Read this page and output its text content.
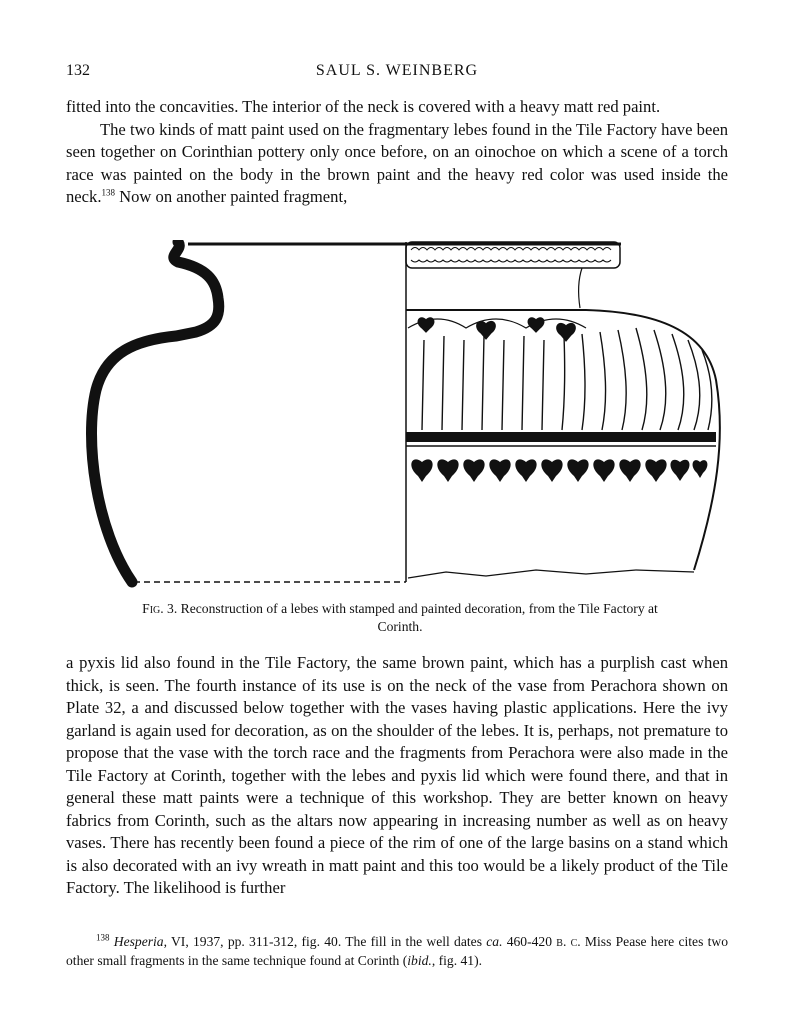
132	SAUL S. WEINBERG

fitted into the concavities. The interior of the neck is covered with a heavy matt red paint.

The two kinds of matt paint used on the fragmentary lebes found in the Tile Factory have been seen together on Corinthian pottery only once before, on an oinochoe on which a scene of a torch race was painted on the body in the brown paint and the heavy red color was used inside the neck.$^{138}$ Now on another painted fragment,

Fig. 3. Reconstruction of a lebes with stamped and painted decoration, from the Tile Factory at Corinth.

a pyxis lid also found in the Tile Factory, the same brown paint, which has a purplish cast when thick, is seen. The fourth instance of its use is on the neck of the vase from Perachora shown on Plate 32, a and discussed below together with the vases having plastic applications. Here the ivy garland is again used for decoration, as on the shoulder of the lebes. It is, perhaps, not premature to propose that the vase with the torch race and the fragments from Perachora were also made in the Tile Factory at Corinth, together with the lebes and pyxis lid which were found there, and that in general these matt paints were a technique of this workshop. They are better known on heavy fabrics from Corinth, such as the altars now appearing in increasing number as well as on heavy vases. There has recently been found a piece of the rim of one of the large basins on a stand which is also decorated with an ivy wreath in matt paint and this too would be a likely product of the Tile Factory. The likelihood is further

$^{138}$ Hesperia, VI, 1937, pp. 311-312, fig. 40. The fill in the well dates ca. 460-420 b. c. Miss Pease here cites two other small fragments in the same technique found at Corinth (ibid., fig. 41).
